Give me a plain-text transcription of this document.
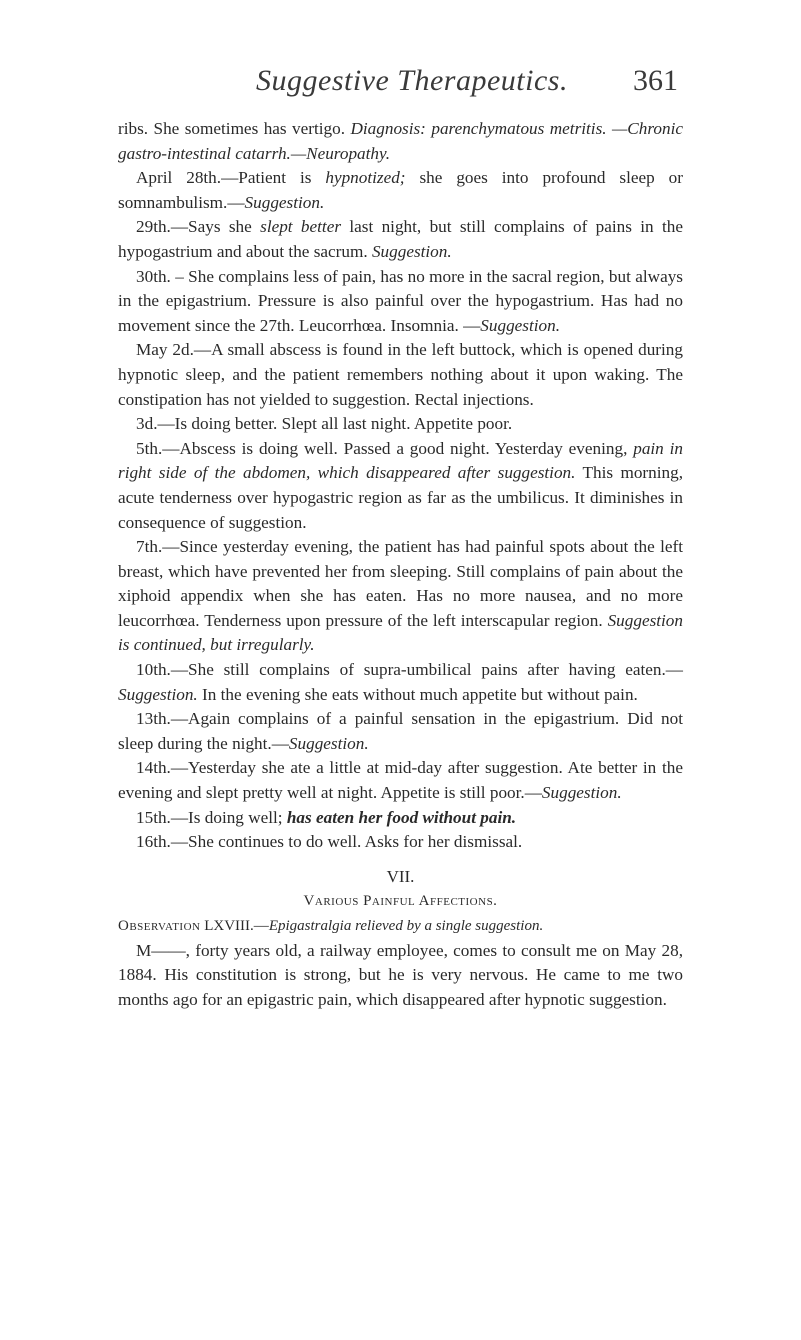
Suggestive Therapeutics. 361

ribs. She sometimes has vertigo. Diagnosis: parenchymatous metritis. —Chronic gastro-intestinal catarrh.—Neuropathy.

April 28th.—Patient is hypnotized; she goes into profound sleep or somnambulism.—Suggestion.

29th.—Says she slept better last night, but still complains of pains in the hypogastrium and about the sacrum. Suggestion.

30th. – She complains less of pain, has no more in the sacral region, but always in the epigastrium. Pressure is also painful over the hypogastrium. Has had no movement since the 27th. Leucorrhœa. Insomnia. —Suggestion.

May 2d.—A small abscess is found in the left buttock, which is opened during hypnotic sleep, and the patient remembers nothing about it upon waking. The constipation has not yielded to suggestion. Rectal injections.

3d.—Is doing better. Slept all last night. Appetite poor.

5th.—Abscess is doing well. Passed a good night. Yesterday evening, pain in right side of the abdomen, which disappeared after suggestion. This morning, acute tenderness over hypogastric region as far as the umbilicus. It diminishes in consequence of suggestion.

7th.—Since yesterday evening, the patient has had painful spots about the left breast, which have prevented her from sleeping. Still complains of pain about the xiphoid appendix when she has eaten. Has no more nausea, and no more leucorrhœa. Tenderness upon pressure of the left interscapular region. Suggestion is continued, but irregularly.

10th.—She still complains of supra-umbilical pains after having eaten.—Suggestion. In the evening she eats without much appetite but without pain.

13th.—Again complains of a painful sensation in the epigastrium. Did not sleep during the night.—Suggestion.

14th.—Yesterday she ate a little at mid-day after suggestion. Ate better in the evening and slept pretty well at night. Appetite is still poor.—Suggestion.

15th.—Is doing well; has eaten her food without pain.

16th.—She continues to do well. Asks for her dismissal.

VII.

Various Painful Affections.

Observation LXVIII.—Epigastralgia relieved by a single suggestion.

M——, forty years old, a railway employee, comes to consult me on May 28, 1884. His constitution is strong, but he is very nervous. He came to me two months ago for an epigastric pain, which disappeared after hypnotic suggestion.
